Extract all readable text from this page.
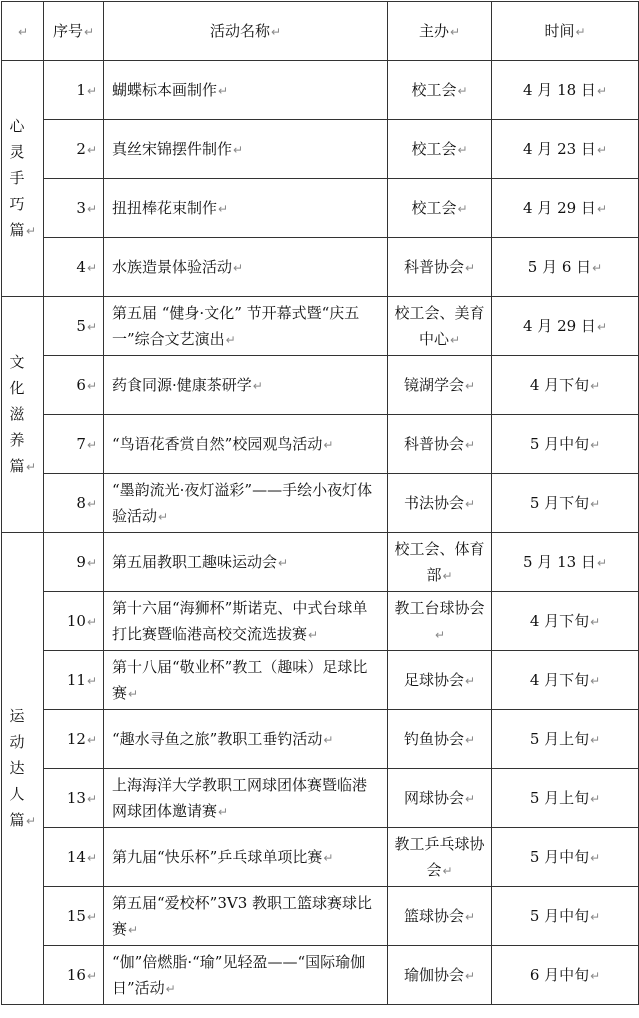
↵	序号↵	活动名称↵	主办↵	时间↵
心灵手巧篇 ↵	1↵	蝴蝶标本画制作↵	校工会↵	4 月 18 日↵
	2↵	真丝宋锦摆件制作↵	校工会↵	4 月 23 日↵
	3↵	扭扭棒花束制作↵	校工会↵	4 月 29 日↵
	4↵	水族造景体验活动↵	科普协会↵	5 月 6 日↵
文化滋养篇 ↵	5↵	第五届 “健身·文化” 节开幕式暨“庆五一”综合文艺演出↵	校工会、美育中心↵	4 月 29 日↵
	6↵	药食同源·健康茶研学↵	镜湖学会↵	4 月下旬↵
	7↵	“鸟语花香赏自然”校园观鸟活动↵	科普协会↵	5 月中旬↵
	8↵	“墨韵流光·夜灯溢彩”——手绘小夜灯体验活动↵	书法协会↵	5 月下旬↵
运动达人篇 ↵	9↵	第五届教职工趣味运动会↵	校工会、体育部↵	5 月 13 日↵
	10↵	第十六届“海狮杯”斯诺克、中式台球单打比赛暨临港高校交流选拔赛↵	教工台球协会↵	4 月下旬↵
	11↵	第十八届“敬业杯”教工（趣味）足球比赛↵	足球协会↵	4 月下旬↵
	12↵	“趣水寻鱼之旅”教职工垂钓活动↵	钓鱼协会↵	5 月上旬↵
	13↵	上海海洋大学教职工网球团体赛暨临港网球团体邀请赛↵	网球协会↵	5 月上旬↵
	14↵	第九届“快乐杯”乒乓球单项比赛↵	教工乒乓球协会↵	5 月中旬↵
	15↵	第五届“爱校杯”3V3 教职工篮球赛球比赛↵	篮球协会↵	5 月中旬↵
	16↵	“伽”倍燃脂·“瑜”见轻盈——“国际瑜伽日”活动↵	瑜伽协会↵	6 月中旬↵
